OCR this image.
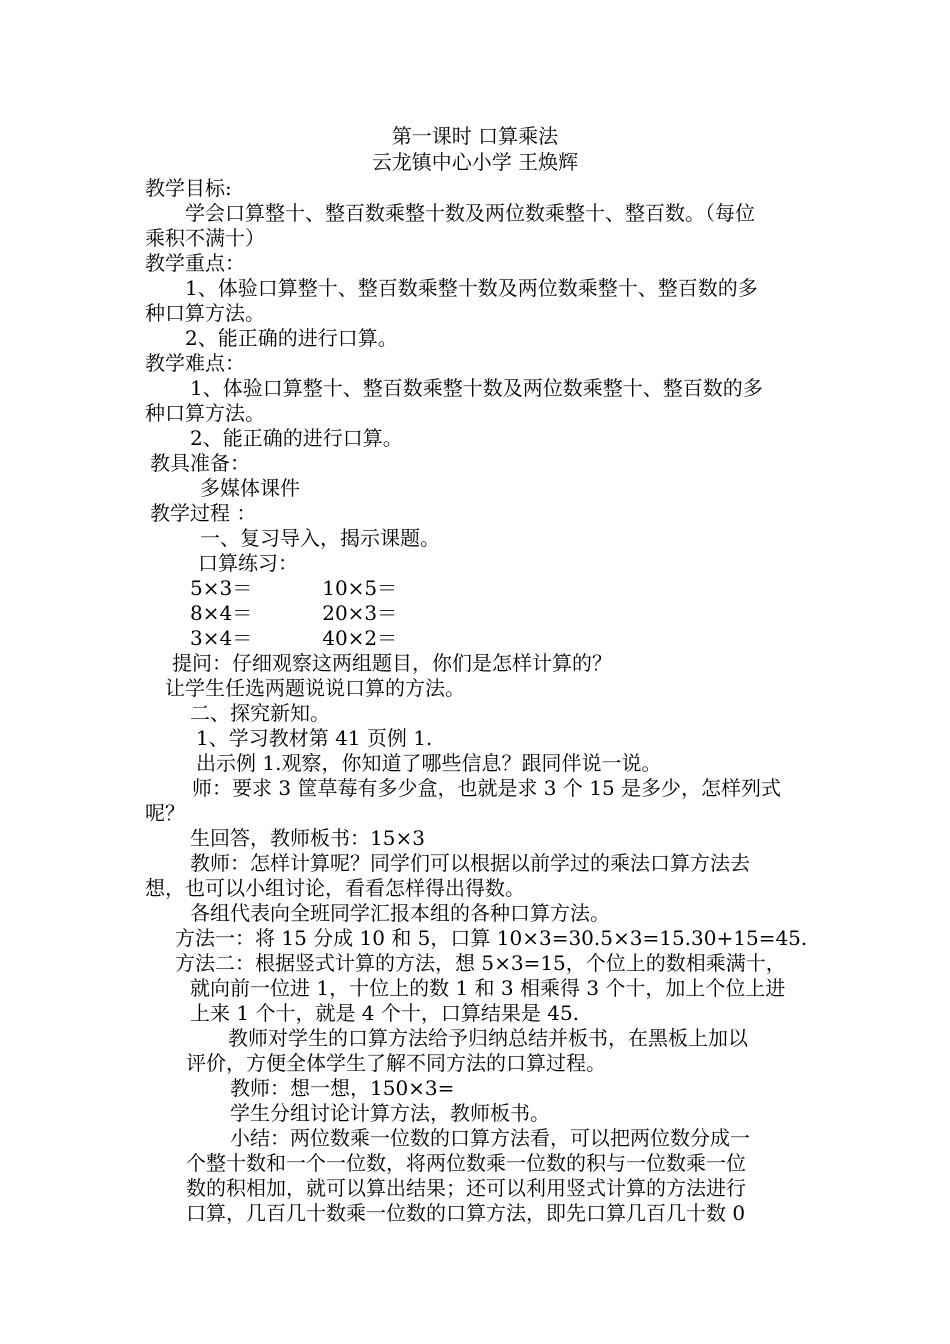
第一课时 口算乘法
云龙镇中心小学 王焕辉
教学目标:
学会口算整十、整百数乘整十数及两位数乘整十、整百数。（每位
乘积不满十）
教学重点：
1、体验口算整十、整百数乘整十数及两位数乘整十、整百数的多
种口算方法。
2、能正确的进行口算。
教学难点：
1、体验口算整十、整百数乘整十数及两位数乘整十、整百数的多
种口算方法。
2、能正确的进行口算。
教具准备：
多媒体课件
教学过程 ：
一、复习导入，揭示课题。
口算练习：
5×3＝	10×5＝
8×4＝	20×3＝
3×4＝	40×2＝
提问：仔细观察这两组题目，你们是怎样计算的？
让学生任选两题说说口算的方法。
二、探究新知。
1、学习教材第 41 页例 1.
出示例 1.观察，你知道了哪些信息？跟同伴说一说。
师：要求 3 筐草莓有多少盒，也就是求 3 个 15 是多少，怎样列式
呢？
生回答，教师板书：15×3
教师：怎样计算呢？同学们可以根据以前学过的乘法口算方法去
想，也可以小组讨论，看看怎样得出得数。
各组代表向全班同学汇报本组的各种口算方法。
方法一：将 15 分成 10 和 5，口算 10×3=30.5×3=15.30+15=45.
方法二：根据竖式计算的方法，想 5×3=15，个位上的数相乘满十，
就向前一位进 1，十位上的数 1 和 3 相乘得 3 个十，加上个位上进
上来 1 个十，就是 4 个十，口算结果是 45.
教师对学生的口算方法给予归纳总结并板书，在黑板上加以
评价，方便全体学生了解不同方法的口算过程。
教师：想一想，150×3=
学生分组讨论计算方法，教师板书。
小结：两位数乘一位数的口算方法看，可以把两位数分成一
个整十数和一个一位数，将两位数乘一位数的积与一位数乘一位
数的积相加，就可以算出结果；还可以利用竖式计算的方法进行
口算，几百几十数乘一位数的口算方法，即先口算几百几十数 0
